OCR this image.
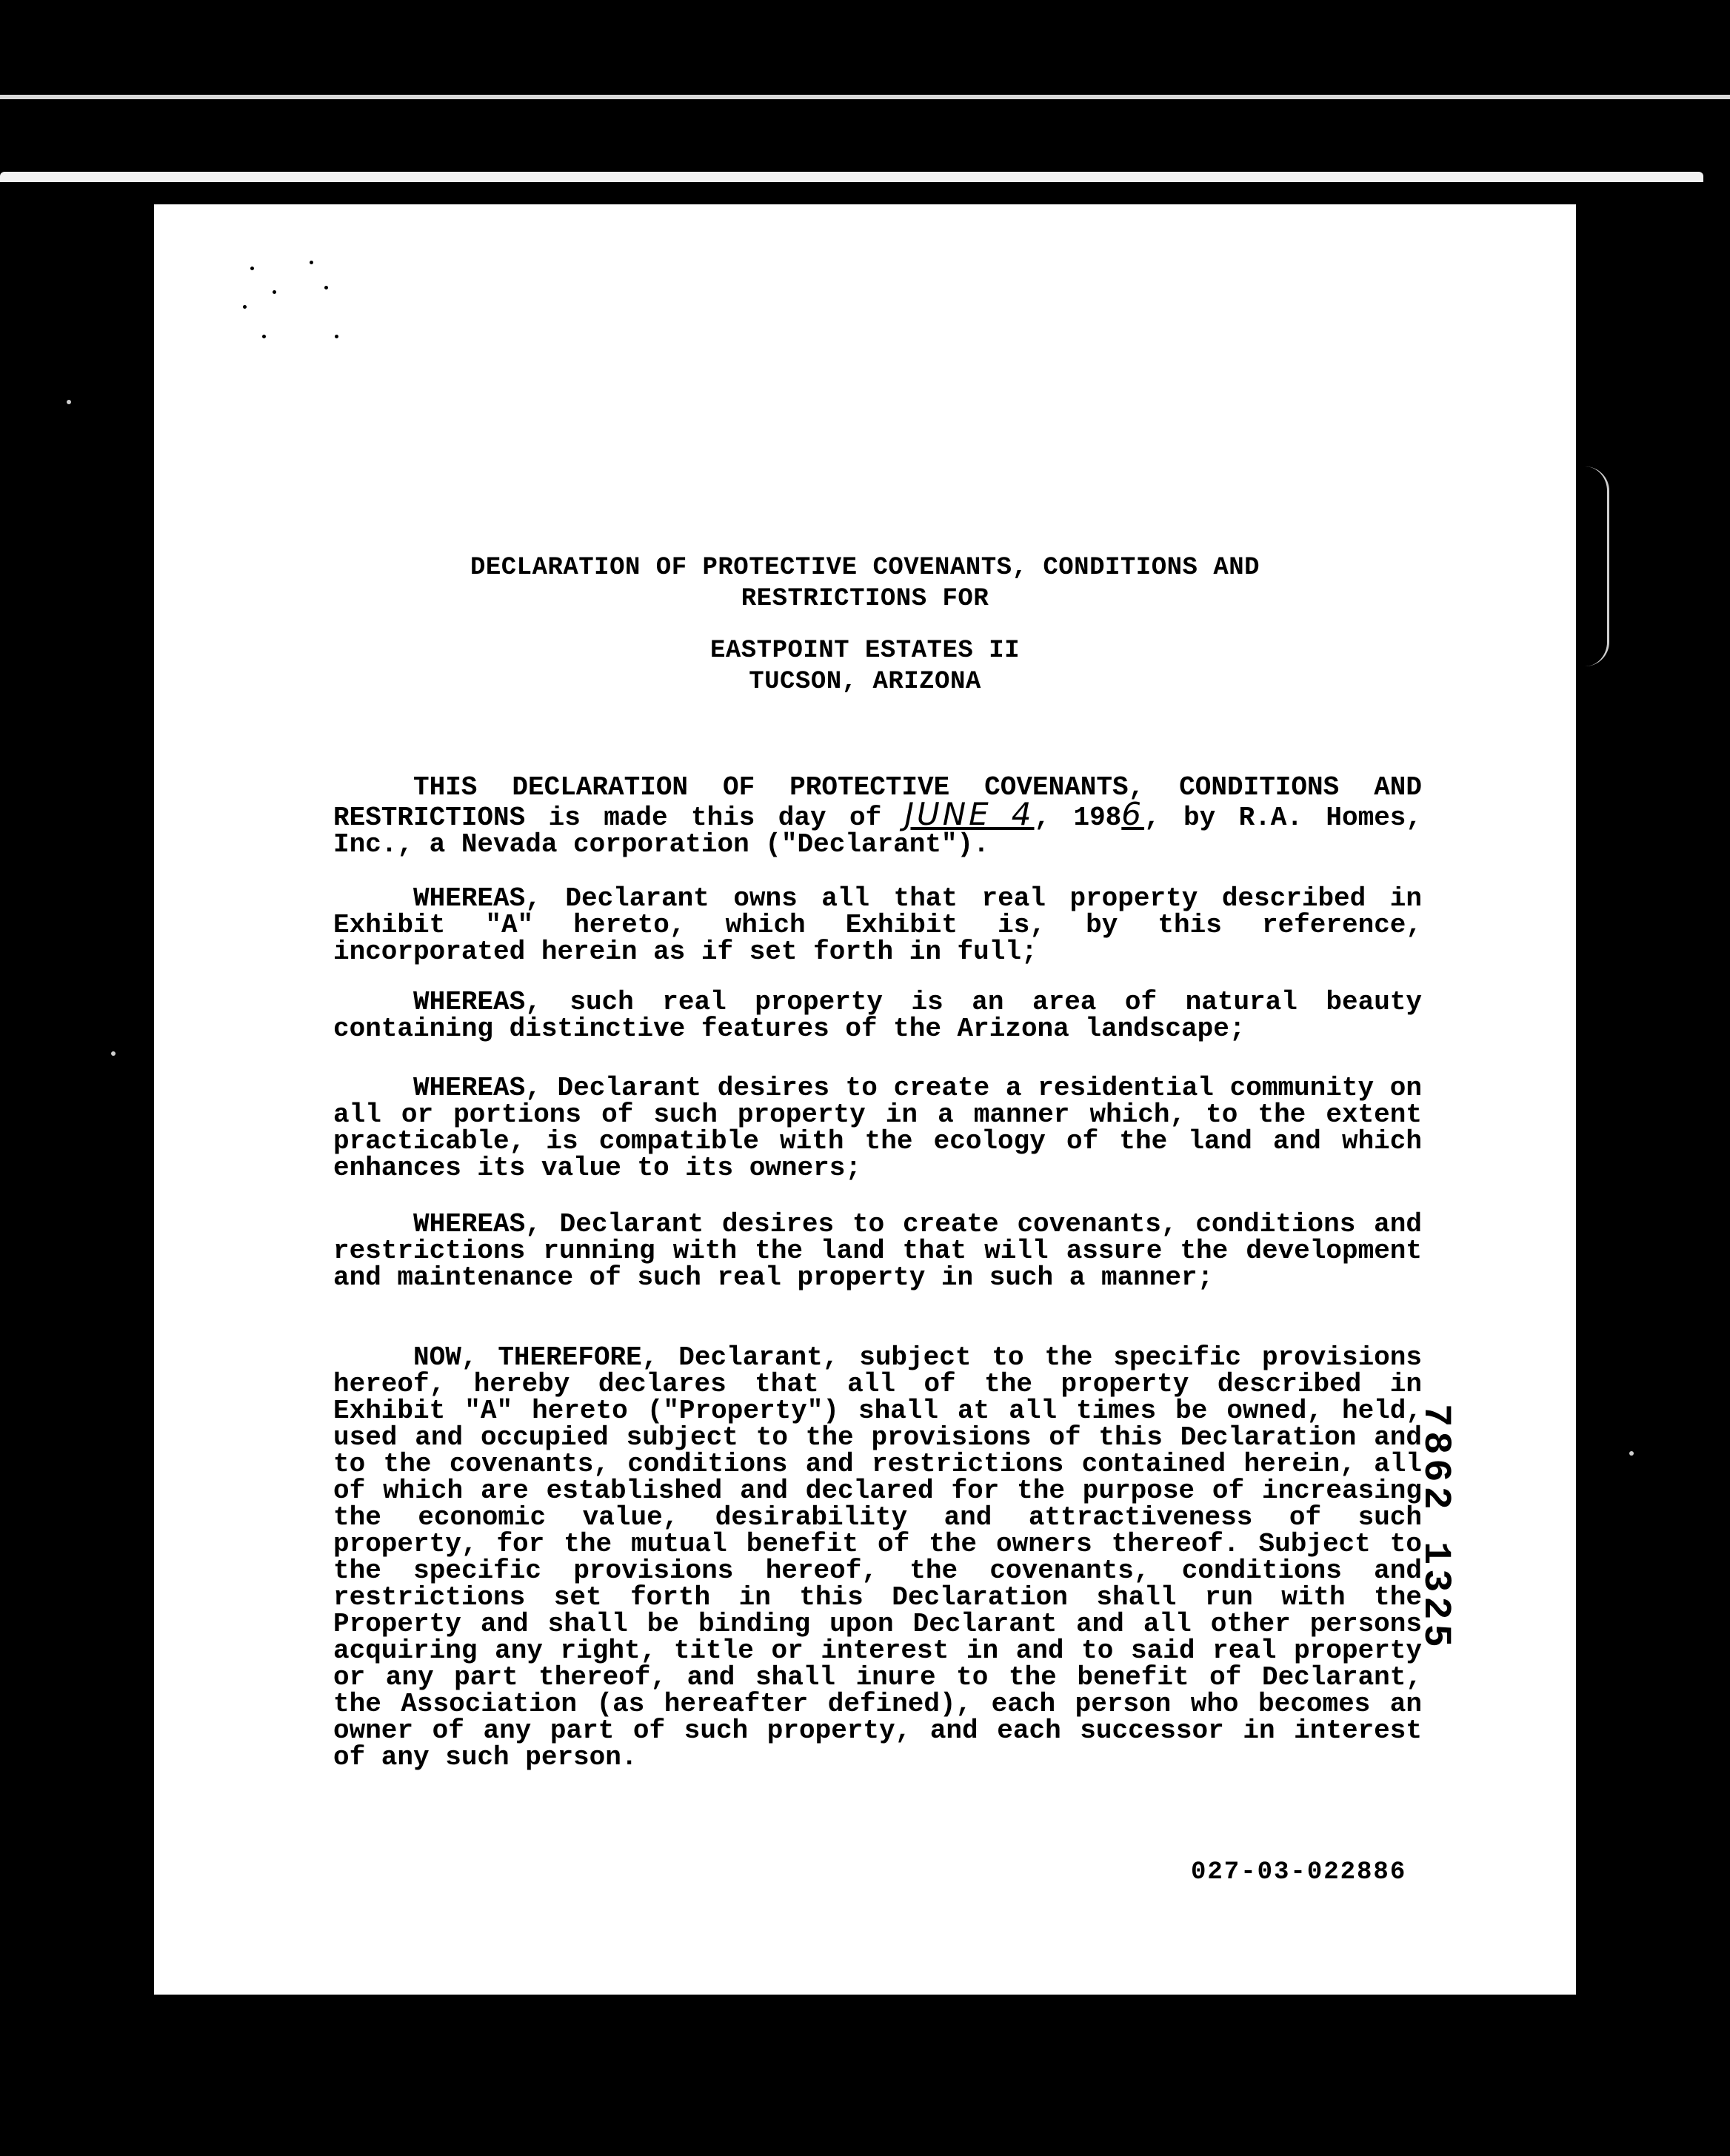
DECLARATION OF PROTECTIVE COVENANTS, CONDITIONS AND
RESTRICTIONS FOR
EASTPOINT ESTATES II
TUCSON, ARIZONA
THIS DECLARATION OF PROTECTIVE COVENANTS, CONDITIONS AND RESTRICTIONS is made this day of JUNE 4, 1986, by R.A. Homes, Inc., a Nevada corporation ("Declarant").
WHEREAS, Declarant owns all that real property described in Exhibit "A" hereto, which Exhibit is, by this reference, incorporated herein as if set forth in full;
WHEREAS, such real property is an area of natural beauty containing distinctive features of the Arizona landscape;
WHEREAS, Declarant desires to create a residential community on all or portions of such property in a manner which, to the extent practicable, is compatible with the ecology of the land and which enhances its value to its owners;
WHEREAS, Declarant desires to create covenants, conditions and restrictions running with the land that will assure the development and maintenance of such real property in such a manner;
NOW, THEREFORE, Declarant, subject to the specific provisions hereof, hereby declares that all of the property described in Exhibit "A" hereto ("Property") shall at all times be owned, held, used and occupied subject to the provisions of this Declaration and to the covenants, conditions and restrictions contained herein, all of which are established and declared for the purpose of increasing the economic value, desirability and attractiveness of such property, for the mutual benefit of the owners thereof. Subject to the specific provisions hereof, the covenants, conditions and restrictions set forth in this Declaration shall run with the Property and shall be binding upon Declarant and all other persons acquiring any right, title or interest in and to said real property or any part thereof, and shall inure to the benefit of Declarant, the Association (as hereafter defined), each person who becomes an owner of any part of such property, and each successor in interest of any such person.
7862 1325
027-03-022886
